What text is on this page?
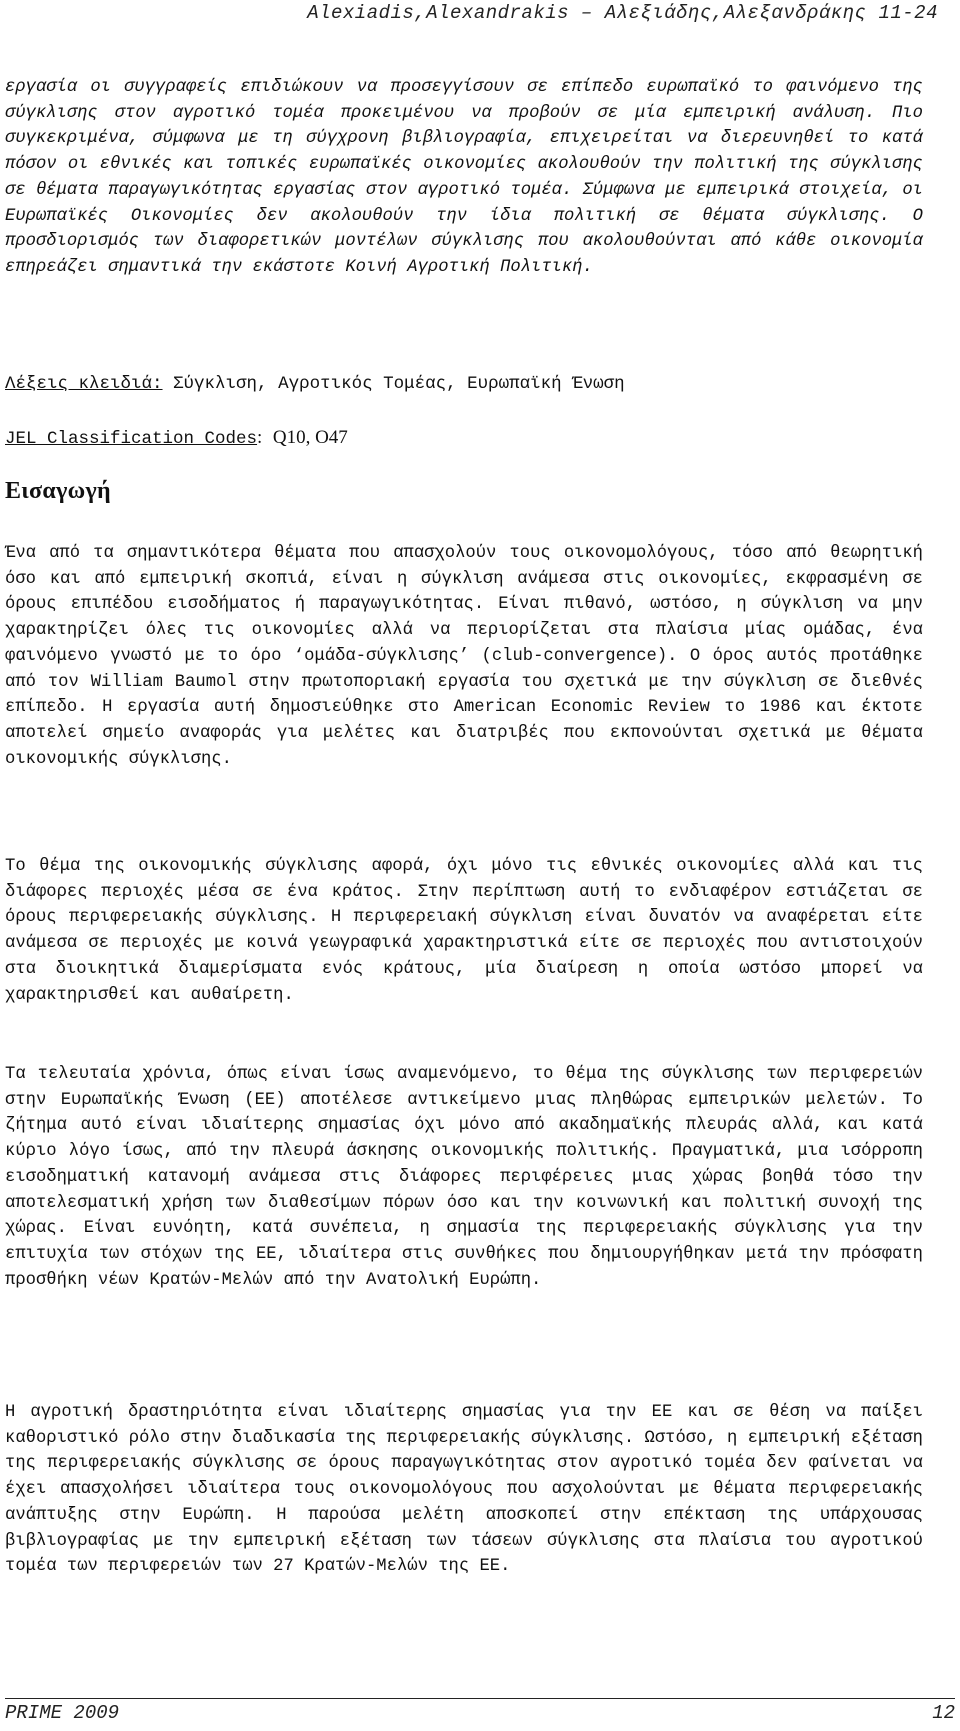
Alexiadis,Alexandrakis – Αλεξιάδης,Αλεξανδράκης 11-24
εργασία οι συγγραφείς επιδιώκουν να προσεγγίσουν σε επίπεδο ευρωπαϊκό το φαινόμενο της σύγκλισης στον αγροτικό τομέα προκειμένου να προβούν σε μία εμπειρική ανάλυση. Πιο συγκεκριμένα, σύμφωνα με τη σύγχρονη βιβλιογραφία, επιχειρείται να διερευνηθεί το κατά πόσον οι εθνικές και τοπικές ευρωπαϊκές οικονομίες ακολουθούν την πολιτική της σύγκλισης σε θέματα παραγωγικότητας εργασίας στον αγροτικό τομέα. Σύμφωνα με εμπειρικά στοιχεία, οι Ευρωπαϊκές Οικονομίες δεν ακολουθούν την ίδια πολιτική σε θέματα σύγκλισης. Ο προσδιορισμός των διαφορετικών μοντέλων σύγκλισης που ακολουθούνται από κάθε οικονομία επηρεάζει σημαντικά την εκάστοτε Κοινή Αγροτική Πολιτική.
Λέξεις κλειδιά: Σύγκλιση, Αγροτικός Τομέας, Ευρωπαϊκή Ένωση
JEL Classification Codes: Q10, O47
Εισαγωγή
Ένα από τα σημαντικότερα θέματα που απασχολούν τους οικονομολόγους, τόσο από θεωρητική όσο και από εμπειρική σκοπιά, είναι η σύγκλιση ανάμεσα στις οικονομίες, εκφρασμένη σε όρους επιπέδου εισοδήματος ή παραγωγικότητας. Είναι πιθανό, ωστόσο, η σύγκλιση να μην χαρακτηρίζει όλες τις οικονομίες αλλά να περιορίζεται στα πλαίσια μίας ομάδας, ένα φαινόμενο γνωστό με το όρο ‘ομάδα-σύγκλισης’ (club-convergence). Ο όρος αυτός προτάθηκε από τον William Baumol στην πρωτοποριακή εργασία του σχετικά με την σύγκλιση σε διεθνές επίπεδο. Η εργασία αυτή δημοσιεύθηκε στο American Economic Review το 1986 και έκτοτε αποτελεί σημείο αναφοράς για μελέτες και διατριβές που εκπονούνται σχετικά με θέματα οικονομικής σύγκλισης.
Το θέμα της οικονομικής σύγκλισης αφορά, όχι μόνο τις εθνικές οικονομίες αλλά και τις διάφορες περιοχές μέσα σε ένα κράτος. Στην περίπτωση αυτή το ενδιαφέρον εστιάζεται σε όρους περιφερειακής σύγκλισης. Η περιφερειακή σύγκλιση είναι δυνατόν να αναφέρεται είτε ανάμεσα σε περιοχές με κοινά γεωγραφικά χαρακτηριστικά είτε σε περιοχές που αντιστοιχούν στα διοικητικά διαμερίσματα ενός κράτους, μία διαίρεση η οποία ωστόσο μπορεί να χαρακτηρισθεί και αυθαίρετη.
Τα τελευταία χρόνια, όπως είναι ίσως αναμενόμενο, το θέμα της σύγκλισης των περιφερειών στην Ευρωπαϊκής Ένωση (ΕΕ) αποτέλεσε αντικείμενο μιας πληθώρας εμπειρικών μελετών. Το ζήτημα αυτό είναι ιδιαίτερης σημασίας όχι μόνο από ακαδημαϊκής πλευράς αλλά, και κατά κύριο λόγο ίσως, από την πλευρά άσκησης οικονομικής πολιτικής. Πραγματικά, μια ισόρροπη εισοδηματική κατανομή ανάμεσα στις διάφορες περιφέρειες μιας χώρας βοηθά τόσο την αποτελεσματική χρήση των διαθεσίμων πόρων όσο και την κοινωνική και πολιτική συνοχή της χώρας. Είναι ευνόητη, κατά συνέπεια, η σημασία της περιφερειακής σύγκλισης για την επιτυχία των στόχων της ΕΕ, ιδιαίτερα στις συνθήκες που δημιουργήθηκαν μετά την πρόσφατη προσθήκη νέων Κρατών-Μελών από την Ανατολική Ευρώπη.
Η αγροτική δραστηριότητα είναι ιδιαίτερης σημασίας για την ΕΕ και σε θέση να παίξει καθοριστικό ρόλο στην διαδικασία της περιφερειακής σύγκλισης. Ωστόσο, η εμπειρική εξέταση της περιφερειακής σύγκλισης σε όρους παραγωγικότητας στον αγροτικό τομέα δεν φαίνεται να έχει απασχολήσει ιδιαίτερα τους οικονομολόγους που ασχολούνται με θέματα περιφερειακής ανάπτυξης στην Ευρώπη. Η παρούσα μελέτη αποσκοπεί στην επέκταση της υπάρχουσας βιβλιογραφίας με την εμπειρική εξέταση των τάσεων σύγκλισης στα πλαίσια του αγροτικού τομέα των περιφερειών των 27 Κρατών-Μελών της ΕΕ.
PRIME 2009	12
